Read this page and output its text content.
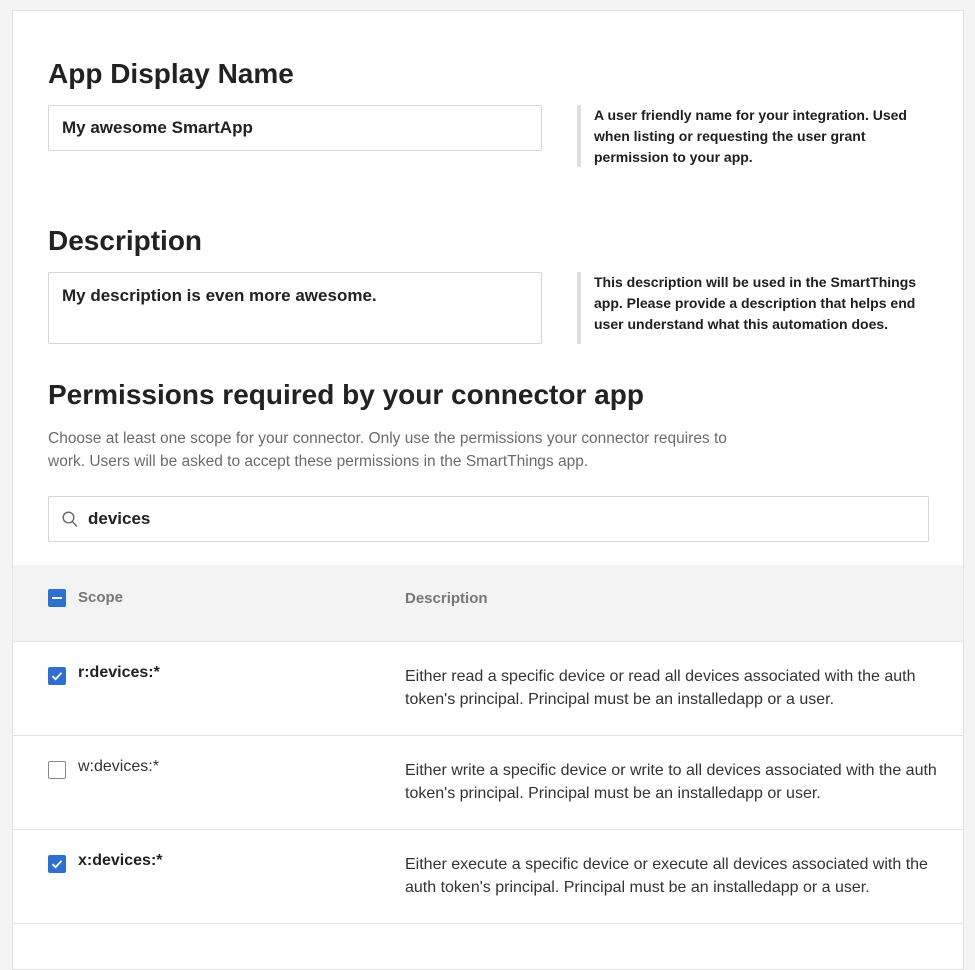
App Display Name
My awesome SmartApp
A user friendly name for your integration. Used when listing or requesting the user grant permission to your app.
Description
My description is even more awesome.
This description will be used in the SmartThings app. Please provide a description that helps end user understand what this automation does.
Permissions required by your connector app
Choose at least one scope for your connector. Only use the permissions your connector requires to work. Users will be asked to accept these permissions in the SmartThings app.
devices
Scope	Description
r:devices:*	Either read a specific device or read all devices associated with the auth token's principal. Principal must be an installedapp or a user.
w:devices:*	Either write a specific device or write to all devices associated with the auth token's principal. Principal must be an installedapp or user.
x:devices:*	Either execute a specific device or execute all devices associated with the auth token's principal. Principal must be an installedapp or a user.
